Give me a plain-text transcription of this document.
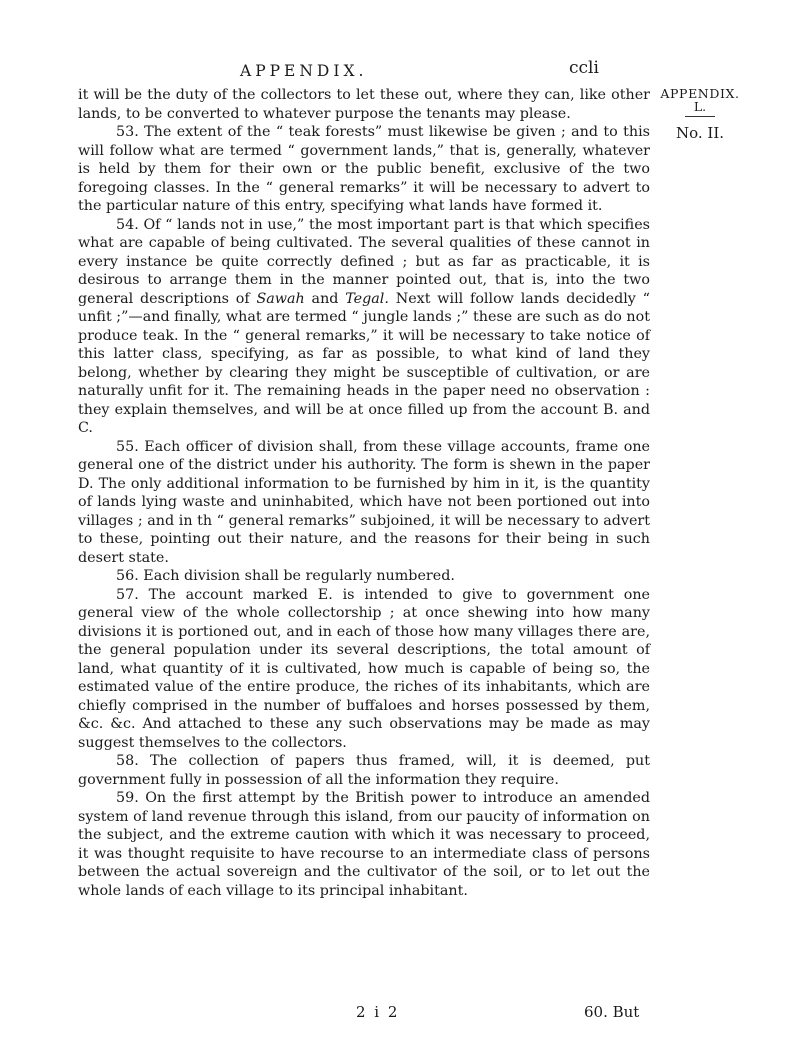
APPENDIX.	ccli
APPENDIX.
L.
No. II.

it will be the duty of the collectors to let these out, where they can, like other lands, to be converted to whatever purpose the tenants may please.

53. The extent of the “ teak forests” must likewise be given ; and to this will follow what are termed “ government lands,” that is, generally, whatever is held by them for their own or the public benefit, exclusive of the two foregoing classes. In the “ general remarks” it will be necessary to advert to the particular nature of this entry, specifying what lands have formed it.

54. Of “ lands not in use,” the most important part is that which specifies what are capable of being cultivated. The several qualities of these cannot in every instance be quite correctly defined ; but as far as practicable, it is desirous to arrange them in the manner pointed out, that is, into the two general descriptions of Sawah and Tegal. Next will follow lands decidedly “ unfit ;”—and finally, what are termed “ jungle lands ;” these are such as do not produce teak. In the “ general remarks,” it will be necessary to take notice of this latter class, specifying, as far as possible, to what kind of land they belong, whether by clearing they might be susceptible of cultivation, or are naturally unfit for it. The remaining heads in the paper need no observation : they explain themselves, and will be at once filled up from the account B. and C.

55. Each officer of division shall, from these village accounts, frame one general one of the district under his authority. The form is shewn in the paper D. The only additional information to be furnished by him in it, is the quantity of lands lying waste and uninhabited, which have not been portioned out into villages ; and in th “ general remarks” subjoined, it will be necessary to advert to these, pointing out their nature, and the reasons for their being in such desert state.

56. Each division shall be regularly numbered.

57. The account marked E. is intended to give to government one general view of the whole collectorship ; at once shewing into how many divisions it is portioned out, and in each of those how many villages there are, the general population under its several descriptions, the total amount of land, what quantity of it is cultivated, how much is capable of being so, the estimated value of the entire produce, the riches of its inhabitants, which are chiefly comprised in the number of buffaloes and horses possessed by them, &c. &c. And attached to these any such observations may be made as may suggest themselves to the collectors.

58. The collection of papers thus framed, will, it is deemed, put government fully in possession of all the information they require.

59. On the first attempt by the British power to introduce an amended system of land revenue through this island, from our paucity of information on the subject, and the extreme caution with which it was necessary to proceed, it was thought requisite to have recourse to an intermediate class of persons between the actual sovereign and the cultivator of the soil, or to let out the whole lands of each village to its principal inhabitant.

2 i 2	60. But
